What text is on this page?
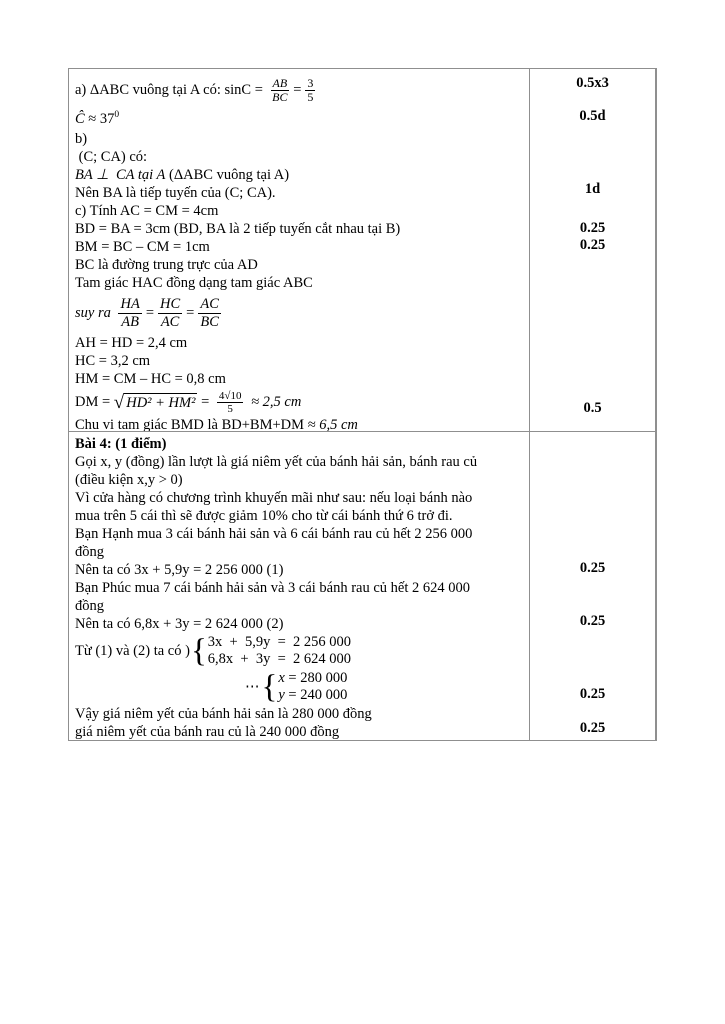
a) ΔABC vuông tại A có: $\sin C = \frac{AB}{BC} = \frac{3}{5}$
Ĉ ≈ $37^0$
b)
(C; CA) có:
BA ⊥  CA tại A (ΔABC vuông tại A)
Nên BA là tiếp tuyến của (C; CA).
c) Tính AC = CM = 4cm
BD = BA = 3cm (BD, BA là 2 tiếp tuyến cắt nhau tại B)
BM = BC – CM = 1cm
BC là đường trung trực của AD
Tam giác HAC đồng dạng tam giác ABC
suy ra $\frac{HA}{AB} = \frac{HC}{AC} = \frac{AC}{BC}$
AH = HD = 2,4 cm
HC = 3,2 cm
HM = CM – HC = 0,8 cm
DM = √ $HD^2 + HM^2 = \frac{4√10}{5} \approx 2,5$ cm
Chu vi tam giác BMD là BD+BM+DM ≈ 6,5 cm
0.5x3
0.5d
1d
0.25
0.25
0.5
Bài 4: (1 điểm)
Gọi x, y (đồng) lần lượt là giá niêm yết của bánh hải sản, bánh rau củ
(điều kiện x,y > 0)
Vì cửa hàng có chương trình khuyến mãi như sau: nếu loại bánh nào
mua trên 5 cái thì sẽ được giảm 10% cho từ cái bánh thứ 6 trở đi.
Bạn Hạnh mua 3 cái bánh hải sản và 6 cái bánh rau củ hết 2 256 000
đồng
Nên ta có 3x + 5,9y = 2 256 000 (1)
Bạn Phúc mua 7 cái bánh hải sản và 3 cái bánh rau củ hết 2 624 000
đồng
Nên ta có 6,8x + 3y = 2 624 000 (2)
Từ (1) và (2) ta có ) { 3x  +  5,9y  =  2 256 000
6,8x  +  3y  =  2 624 000
⋯ { x = 280 000
y = 240 000
Vậy giá niêm yết của bánh hải sản là 280 000 đồng
giá niêm yết của bánh rau củ là 240 000 đồng
0.25
0.25
0.25
0.25
